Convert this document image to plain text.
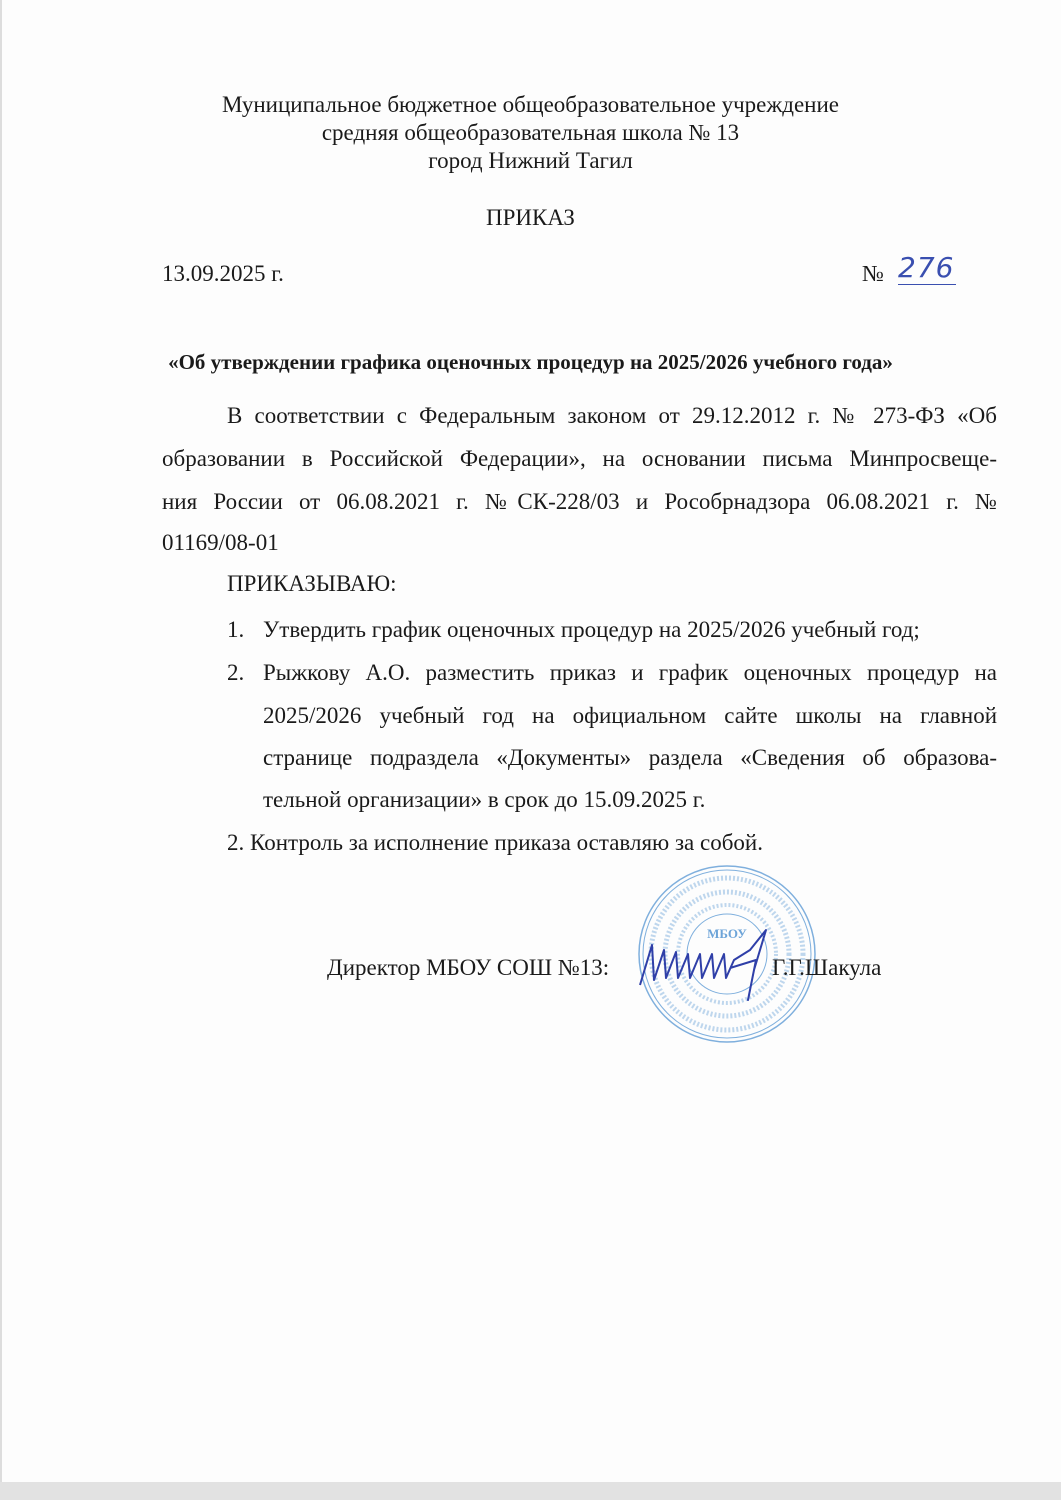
Муниципальное бюджетное общеобразовательное учреждение
средняя общеобразовательная школа № 13
город Нижний Тагил
ПРИКАЗ
13.09.2025 г.	№ 276
«Об утверждении графика оценочных процедур на 2025/2026 учебного года»
В соответствии с Федеральным законом от 29.12.2012 г. № 273-ФЗ «Об
образовании в Российской Федерации», на основании письма Минпросвеще-
ния России от 06.08.2021 г. №СК-228/03 и Рособрнадзора 06.08.2021 г. №
01169/08-01
ПРИКАЗЫВАЮ:
1. Утвердить график оценочных процедур на 2025/2026 учебный год;
2. Рыжкову А.О. разместить приказ и график оценочных процедур на
2025/2026 учебный год на официальном сайте школы на главной
странице подраздела «Документы» раздела «Сведения об образова-
тельной организации» в срок до 15.09.2025 г.
2. Контроль за исполнение приказа оставляю за собой.
МБОУ
Директор МБОУ СОШ №13:	Г.Г.Шакула
